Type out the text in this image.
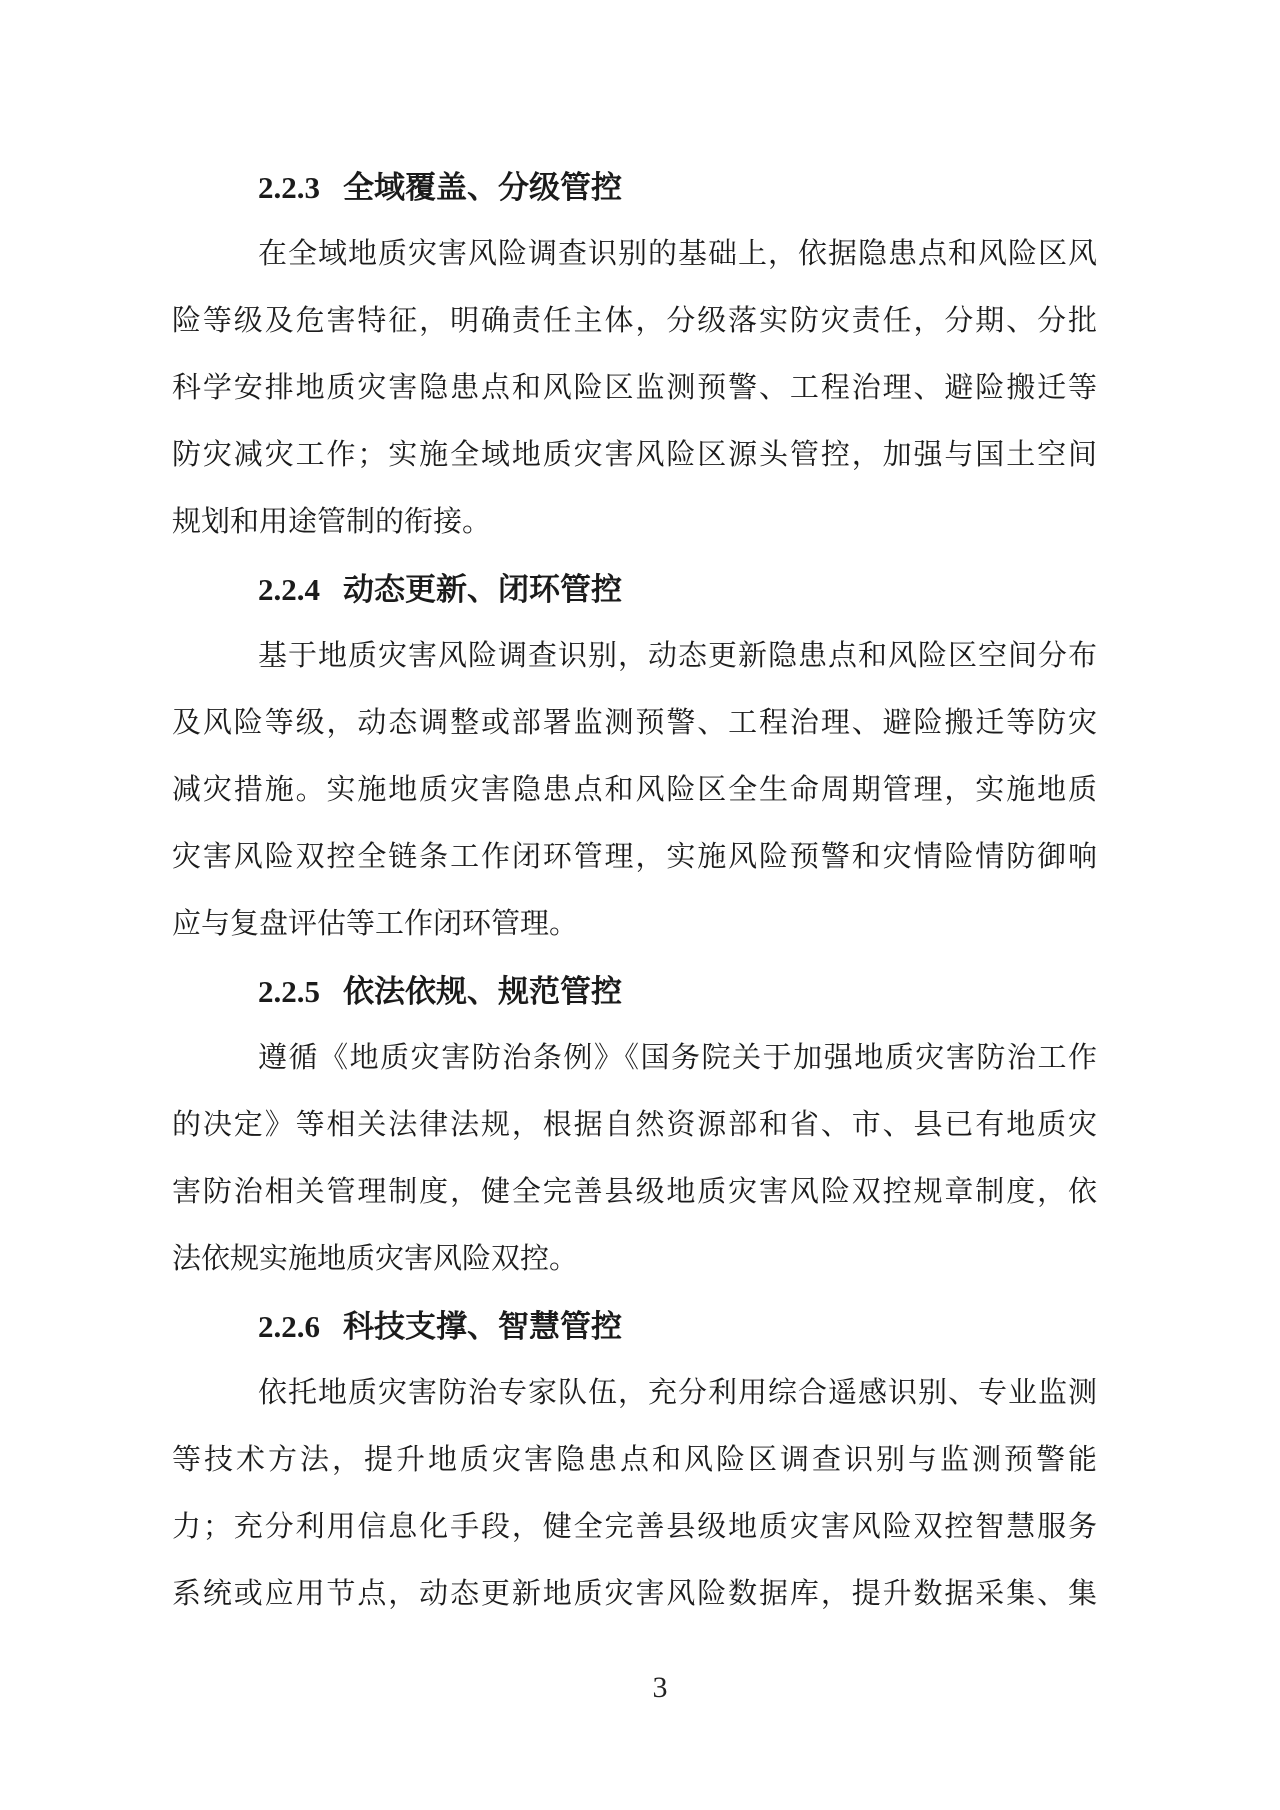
2.2.3 全域覆盖、分级管控
在全域地质灾害风险调查识别的基础上，依据隐患点和风险区风
险等级及危害特征，明确责任主体，分级落实防灾责任，分期、分批
科学安排地质灾害隐患点和风险区监测预警、工程治理、避险搬迁等
防灾减灾工作；实施全域地质灾害风险区源头管控，加强与国土空间
规划和用途管制的衔接。
2.2.4 动态更新、闭环管控
基于地质灾害风险调查识别，动态更新隐患点和风险区空间分布
及风险等级，动态调整或部署监测预警、工程治理、避险搬迁等防灾
减灾措施。实施地质灾害隐患点和风险区全生命周期管理，实施地质
灾害风险双控全链条工作闭环管理，实施风险预警和灾情险情防御响
应与复盘评估等工作闭环管理。
2.2.5 依法依规、规范管控
遵循《地质灾害防治条例》《国务院关于加强地质灾害防治工作
的决定》等相关法律法规，根据自然资源部和省、市、县已有地质灾
害防治相关管理制度，健全完善县级地质灾害风险双控规章制度，依
法依规实施地质灾害风险双控。
2.2.6 科技支撑、智慧管控
依托地质灾害防治专家队伍，充分利用综合遥感识别、专业监测
等技术方法，提升地质灾害隐患点和风险区调查识别与监测预警能
力；充分利用信息化手段，健全完善县级地质灾害风险双控智慧服务
系统或应用节点，动态更新地质灾害风险数据库，提升数据采集、集
3
